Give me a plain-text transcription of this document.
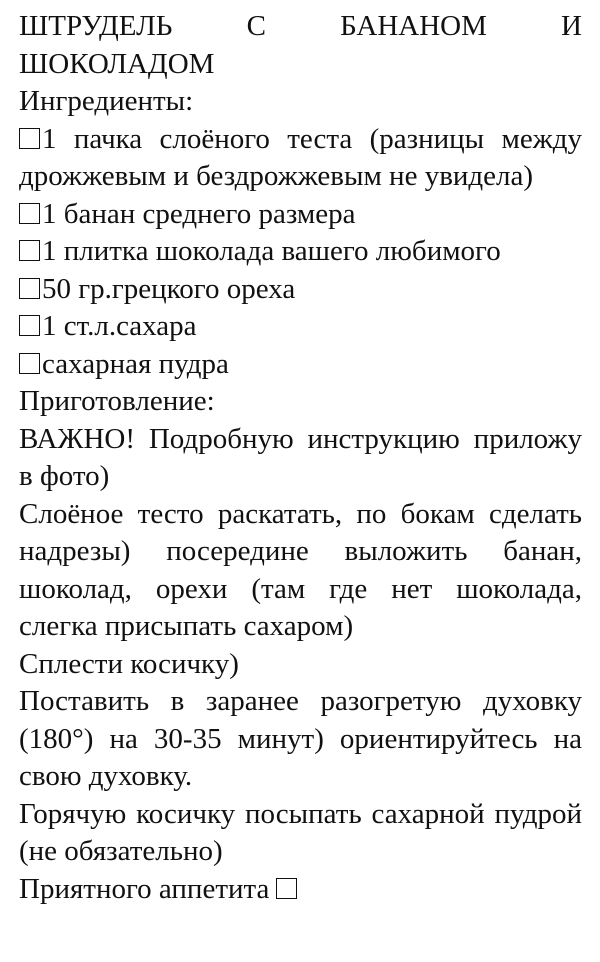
ШТРУДЕЛЬ С БАНАНОМ И ШОКОЛАДОМ

Ингредиенты:

1 пачка слоёного теста (разницы между дрожжевым и бездрожжевым не увидела)

1 банан среднего размера

1 плитка шоколада вашего любимого

50 гр.грецкого ореха

1 ст.л.сахара

сахарная пудра

Приготовление:

ВАЖНО! Подробную инструкцию приложу в фото)

Слоёное тесто раскатать, по бокам сделать надрезы) посередине выложить банан, шоколад, орехи (там где нет шоколада, слегка присыпать сахаром)

Сплести косичку)

Поставить в заранее разогретую духовку (180°) на 30-35 минут) ориентируйтесь на свою духовку.

Горячую косичку посыпать сахарной пудрой (не обязательно)

Приятного аппетита
